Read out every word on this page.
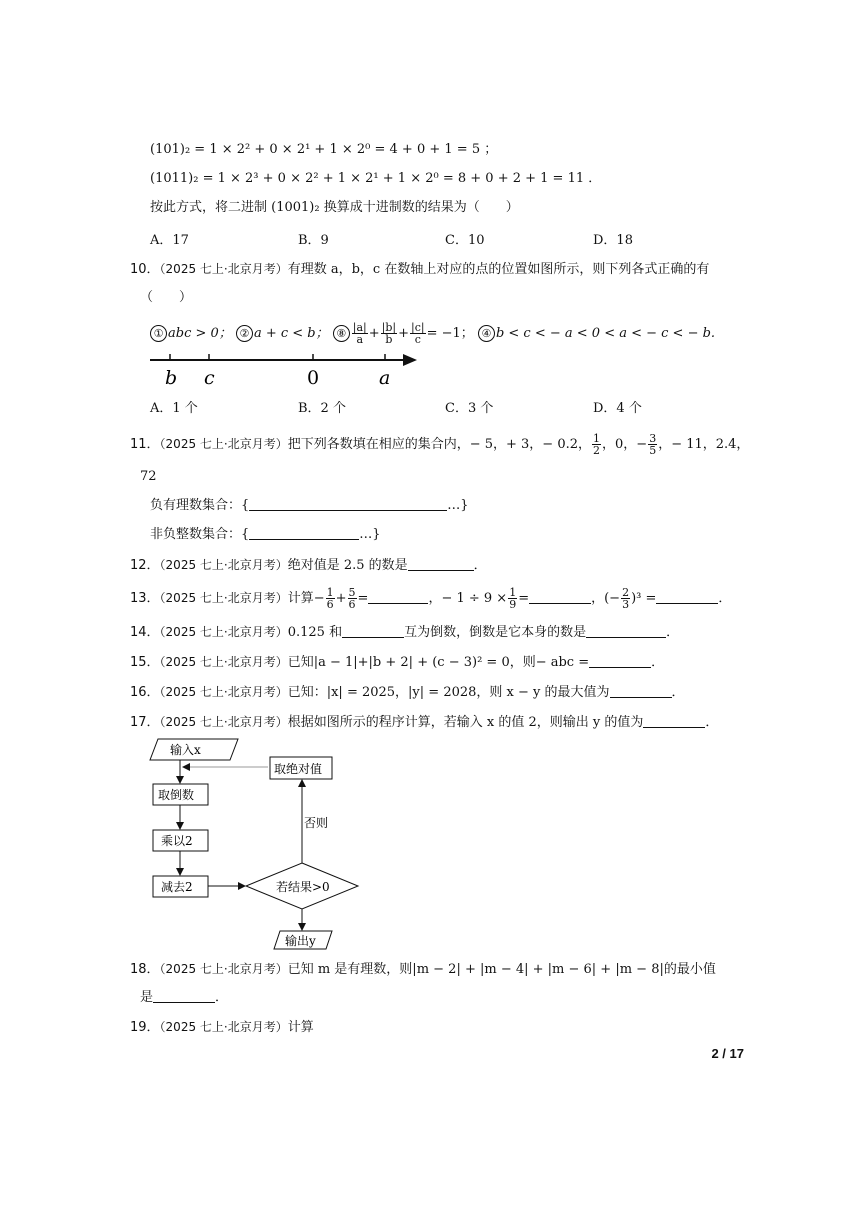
(101)₂ = 1 × 2² + 0 × 2¹ + 1 × 2⁰ = 4 + 0 + 1 = 5 ；
(1011)₂ = 1 × 2³ + 0 × 2² + 1 × 2¹ + 1 × 2⁰ = 8 + 0 + 2 + 1 = 11 ．
按此方式，将二进制 (1001)₂ 换算成十进制数的结果为（　　）
A．17	B．9	C．10	D．18
10．（2025 七上·北京月考）有理数 a，b，c 在数轴上对应的点的位置如图所示，则下列各式正确的有
（　　）
① abc > 0； ② a + c < b； ⑧ $\frac{|a|}{a} + \frac{|b|}{b} + \frac{|c|}{c} = -1$； ④ b < c < − a < 0 < a < − c < − b.
b c	0	a
A．1 个	B．2 个	C．3 个	D．4 个
11．（2025 七上·北京月考）把下列各数填在相应的集合内，− 5，+ 3，− 0.2， $\frac{1}{2}$ ，0，− $\frac{3}{5}$ ，− 11，2.4，
72
负有理数集合：{	…}
非负整数集合：{	…}
12．（2025 七上·北京月考）绝对值是 2.5 的数是	．
13．（2025 七上·北京月考）计算− $\frac{1}{6} + \frac{5}{6}$ =	，− $1 \div 9 \times \frac{1}{9}$ =	，(− $\frac{2}{3} )^3$ =	．
14．（2025 七上·北京月考）0.125 和	互为倒数，倒数是它本身的数是	．
15．（2025 七上·北京月考）已知|a − 1|+|b + 2| + (c − 3)² = 0，则− abc =	．
16．（2025 七上·北京月考）已知：|x| = 2025，|y| = 2028，则 x − y 的最大值为	．
17．（2025 七上·北京月考）根据如图所示的程序计算，若输入 x 的值 2，则输出 y 的值为	．
输入x
取倒数
乘以2
减去2	若结果>0
否则
取绝对值
输出y
18．（2025 七上·北京月考）已知 m 是有理数，则|m − 2| + |m − 4| + |m − 6| + |m − 8|的最小值
是	．
19．（2025 七上·北京月考）计算
2 / 17
